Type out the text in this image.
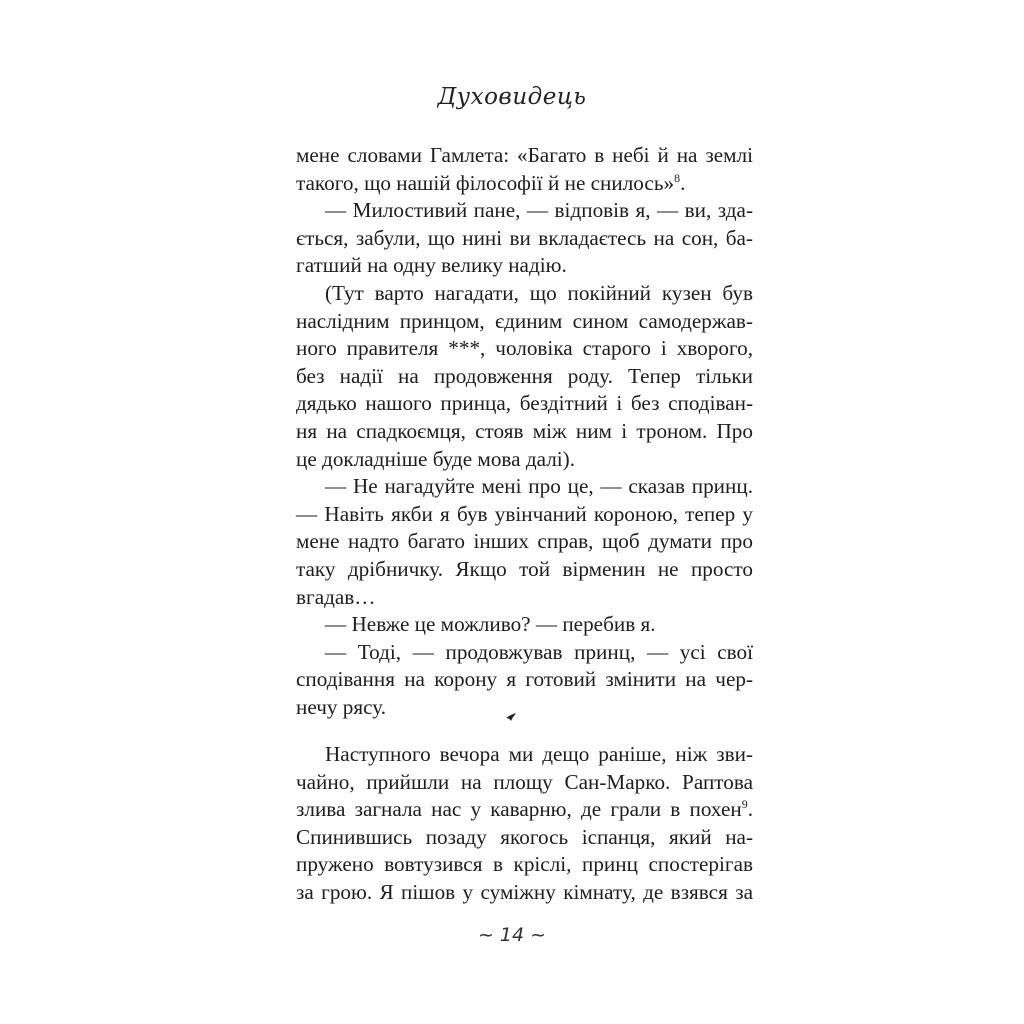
Духовидець
мене словами Гамлета: «Багато в небі й на землі
такого, що нашій філософії й не снилось»$^8$.
— Милостивий пане, — відповів я, — ви, зда-
ється, забули, що нині ви вкладаєтесь на сон, ба-
гатший на одну велику надію.
(Тут варто нагадати, що покійний кузен був
наслідним принцом, єдиним сином самодержав-
ного правителя ***, чоловіка старого і хворого,
без надії на продовження роду. Тепер тільки
дядько нашого принца, бездітний і без сподіван-
ня на спадкоємця, стояв між ним і троном. Про
це докладніше буде мова далі).
— Не нагадуйте мені про це, — сказав принц.
— Навіть якби я був увінчаний короною, тепер у
мене надто багато інших справ, щоб думати про
таку дрібничку. Якщо той вірменин не просто
вгадав…
— Невже це можливо? — перебив я.
— Тоді, — продовжував принц, — усі свої
сподівання на корону я готовий змінити на чер-
нечу рясу.
Наступного вечора ми дещо раніше, ніж зви-
чайно, прийшли на площу Сан-Марко. Раптова
злива загнала нас у каварню, де грали в похен$^9$.
Спинившись позаду якогось іспанця, який на-
пружено вовтузився в кріслі, принц спостерігав
за грою. Я пішов у суміжну кімнату, де взявся за
~ 14 ~
